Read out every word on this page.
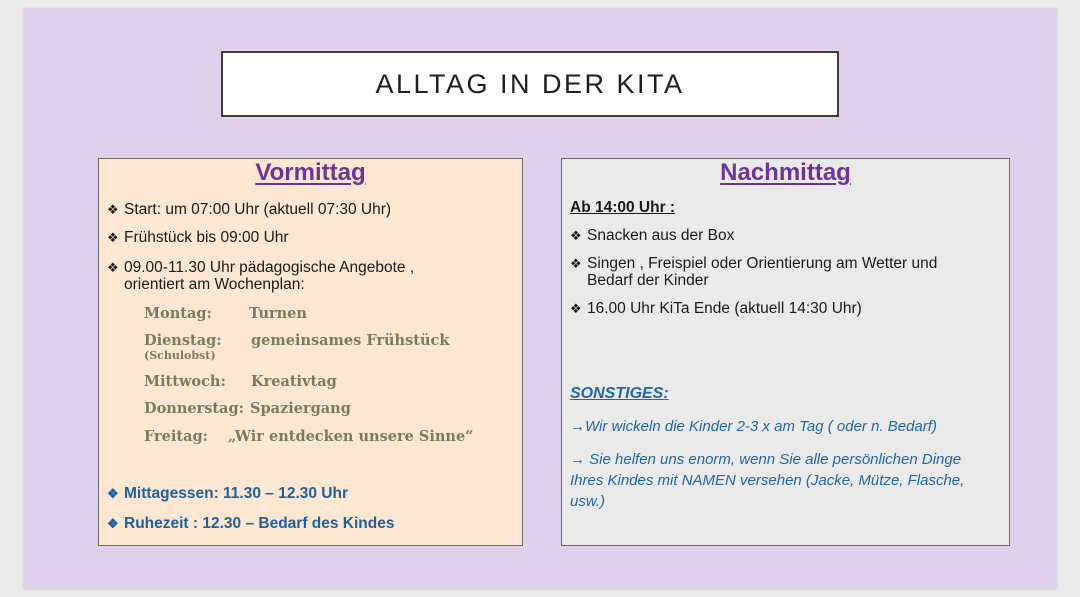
ALLTAG IN DER KITA
Vormittag
❖ Start: um 07:00 Uhr (aktuell 07:30 Uhr)
❖ Frühstück bis 09:00 Uhr
❖ 09.00-11.30 Uhr pädagogische Angebote ,
orientiert am Wochenplan:
Montag:	Turnen
Dienstag:
(Schulobst)
gemeinsames Frühstück
Mittwoch: Kreativtag
Donnerstag: Spaziergang
Freitag: „Wir entdecken unsere Sinne“
❖ Mittagessen: 11.30 – 12.30 Uhr
❖ Ruhezeit : 12.30 – Bedarf des Kindes
Nachmittag
Ab 14:00 Uhr :
❖ Snacken aus der Box
❖ Singen , Freispiel oder Orientierung am Wetter und
Bedarf der Kinder
❖ 16.00 Uhr KiTa Ende (aktuell 14:30 Uhr)
SONSTIGES:
→Wir wickeln die Kinder 2-3 x am Tag ( oder n. Bedarf)
→ Sie helfen uns enorm, wenn Sie alle persönlichen Dinge
Ihres Kindes mit NAMEN versehen (Jacke, Mütze, Flasche,
usw.)
